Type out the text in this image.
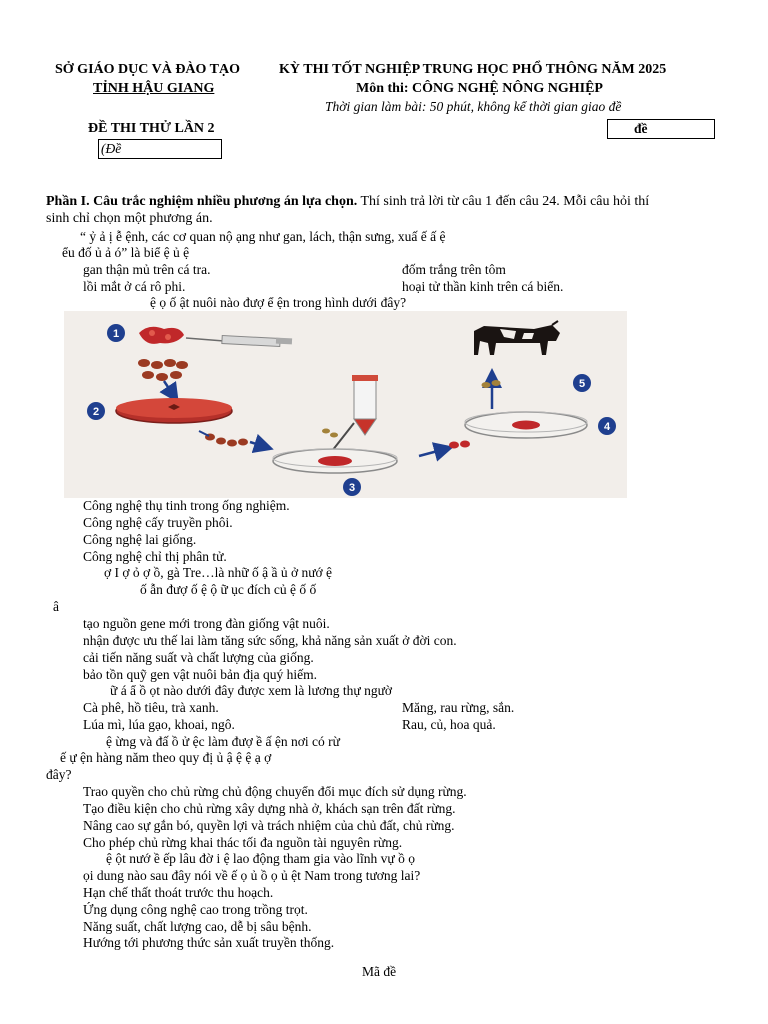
SỞ GIÁO DỤC VÀ ĐÀO TẠO
TỈNH HẬU GIANG
KỲ THI TỐT NGHIỆP TRUNG HỌC PHỔ THÔNG NĂM 2025
Môn thi: CÔNG NGHỆ NÔNG NGHIỆP
Thời gian làm bài: 50 phút, không kể thời gian giao đề
ĐỀ THI THỬ LẦN 2
(Đề
đề
Phần I. Câu trắc nghiệm nhiều phương án lựa chọn. Thí sinh trả lời từ câu 1 đến câu 24. Mỗi câu hỏi thí
sinh chỉ chọn một phương án.
“ ỷ ả ị ễ ệnh, các cơ quan nộ ạng như gan, lách, thận sưng, xuấ ế ấ ệ
ểu đố ủ ả ó” là biể ệ ủ ệ
gan thận mủ trên cá tra.	đốm trắng trên tôm
lồi mắt ở cá rô phi.	hoại tử thần kinh trên cá biển.
ệ ọ ố ật nuôi nào đượ ể ện trong hình dưới đây?
1
2
3
4
5
Công nghệ thụ tinh trong ống nghiệm.
Công nghệ cấy truyền phôi.
Công nghệ lai giống.
Công nghệ chỉ thị phân tử.
ợ I ợ ỏ ợ ồ, gà Tre…là nhữ ố ậ ầ ủ ở nướ ệ
ố ẫn đượ ố ệ ộ ữ ục đích củ ệ ố ố
â
tạo nguồn gene mới trong đàn giống vật nuôi.
nhận được ưu thế lai làm tăng sức sống, khả năng sản xuất ở đời con.
cải tiến năng suất và chất lượng của giống.
bảo tồn quỹ gen vật nuôi bản địa quý hiếm.
ữ á ẩ ồ ọt nào dưới đây được xem là lương thự ngườ
Cà phê, hồ tiêu, trà xanh.	Măng, rau rừng, sắn.
Lúa mì, lúa gạo, khoai, ngô.	Rau, củ, hoa quả.
ệ ừng và đấ ồ ử ệc làm đượ ề ấ ện nơi có rừ
ế ự ện hàng năm theo quy đị ủ ậ ệ ệ ạ ợ
đây?
Trao quyền cho chủ rừng chủ động chuyển đổi mục đích sử dụng rừng.
Tạo điều kiện cho chủ rừng xây dựng nhà ở, khách sạn trên đất rừng.
Nâng cao sự gắn bó, quyền lợi và trách nhiệm của chủ đất, chủ rừng.
Cho phép chủ rừng khai thác tối đa nguồn tài nguyên rừng.
ệ ột nướ ề ếp lâu đờ i ệ lao động tham gia vào lĩnh vự ồ ọ
ọi dung nào sau đây nói về ế ọ ủ ồ ọ ủ ệt Nam trong tương lai?
Hạn chế thất thoát trước thu hoạch.
Ứng dụng công nghệ cao trong trồng trọt.
Năng suất, chất lượng cao, dễ bị sâu bệnh.
Hướng tới phương thức sản xuất truyền thống.
Mã đề
